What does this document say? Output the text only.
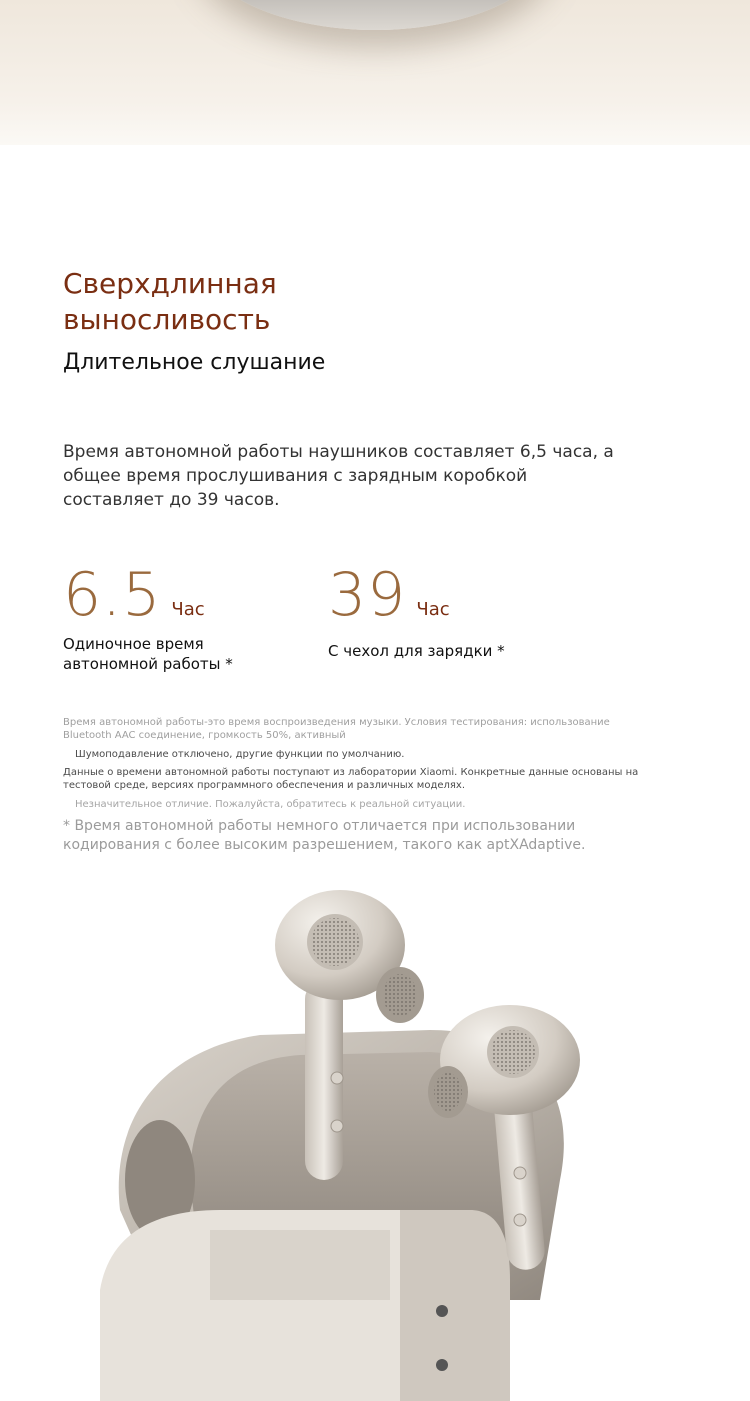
Сверхдлинная выносливость
Длительное слушание

Время автономной работы наушников составляет 6,5 часа, а общее время прослушивания с зарядным коробкой составляет до 39 часов.

6.5 Час
Одиночное время автономной работы *
39 Час
С чехол для зарядки *

Время автономной работы-это время воспроизведения музыки. Условия тестирования: использование Bluetooth AAC соединение, громкость 50%, активный

Шумоподавление отключено, другие функции по умолчанию.

Данные о времени автономной работы поступают из лаборатории Xiaomi. Конкретные данные основаны на тестовой среде, версиях программного обеспечения и различных моделях.

Незначительное отличие. Пожалуйста, обратитесь к реальной ситуации.

* Время автономной работы немного отличается при использовании кодирования с более высоким разрешением, такого как aptXAdaptive.
